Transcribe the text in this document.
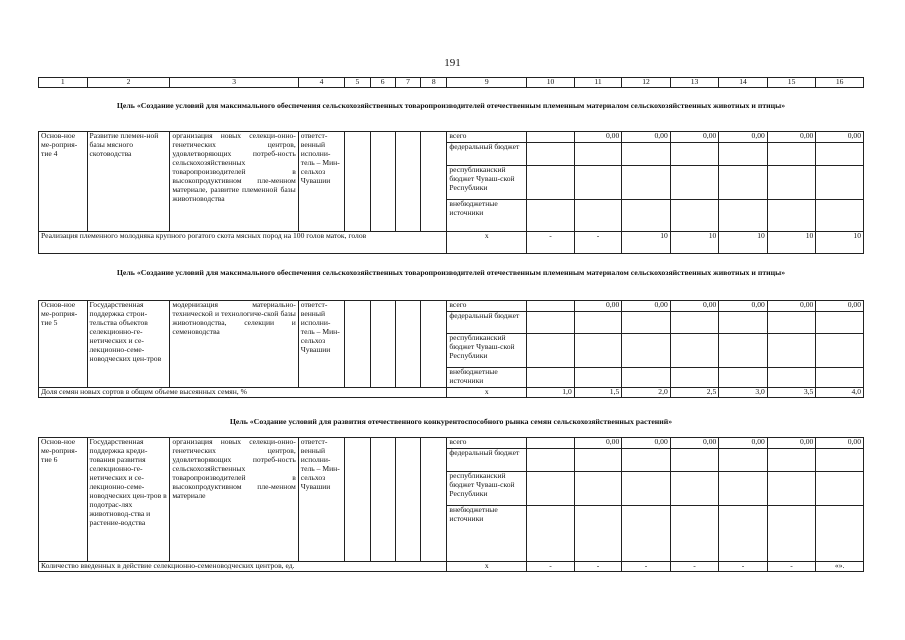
191
1	2	3	4	5	6	7	8	9	10	11	12	13	14	15	16
Цель «Создание условий для максимального обеспечения сельскохозяйственных товаропроизводителей отечественным племенным материалом сельскохозяйственных животных и птицы»
Основ-ное ме-роприя-тие 4	Развитие племен-ной базы мясного скотоводства	организация новых селекци-онно-генетических центров, удовлетворяющих потреб-ность сельскохозяйственных товаропроизводителей в высокопродуктивном пле-менном материале, развитие племенной базы животноводства	ответст-венный исполни-тель – Мин-сельхоз Чувашии					всего		0,00	0,00	0,00	0,00	0,00	0,00
								федеральный бюджет							
								республиканский бюджет Чуваш-ской Республики							
								внебюджетные источники							
Реализация племенного молодняка крупного рогатого скота мясных пород на 100 голов маток, голов								x	-	-	10	10	10	10	10
Цель «Создание условий для максимального обеспечения сельскохозяйственных товаропроизводителей отечественным племенным материалом сельскохозяйственных животных и птицы»
Основ-ное ме-роприя-тие 5	Государственная поддержка строи-тельства объектов селекционно-ге-нетических и се-лекционно-семе-новодческих цен-тров	модернизация материально-технической и технологиче-ской базы животноводства, селекции и семеноводства	ответст-венный исполни-тель – Мин-сельхоз Чувашии					всего		0,00	0,00	0,00	0,00	0,00	0,00
								федеральный бюджет							
								республиканский бюджет Чуваш-ской Республики							
								внебюджетные источники							
Доля семян новых сортов в общем объеме высеянных семян, %								x	1,0	1,5	2,0	2,5	3,0	3,5	4,0
Цель «Создание условий для развития отечественного конкурентоспособного рынка семян сельскохозяйственных растений»
Основ-ное ме-роприя-тие 6	Государственная поддержка креди-тования развития селекционно-ге-нетических и се-лекционно-семе-новодческих цен-тров в подотрас-лях животновод-ства и растение-водства	организация новых селекци-онно-генетических центров, удовлетворяющих потреб-ность сельскохозяйственных товаропроизводителей в высокопродуктивном пле-менном материале	ответст-венный исполни-тель – Мин-сельхоз Чувашии					всего		0,00	0,00	0,00	0,00	0,00	0,00
								федеральный бюджет							
								республиканский бюджет Чуваш-ской Республики							
								внебюджетные источники							
Количество введенных в действие селекционно-семеноводческих центров, ед.								x	-	-	-	-	-	-	«».
